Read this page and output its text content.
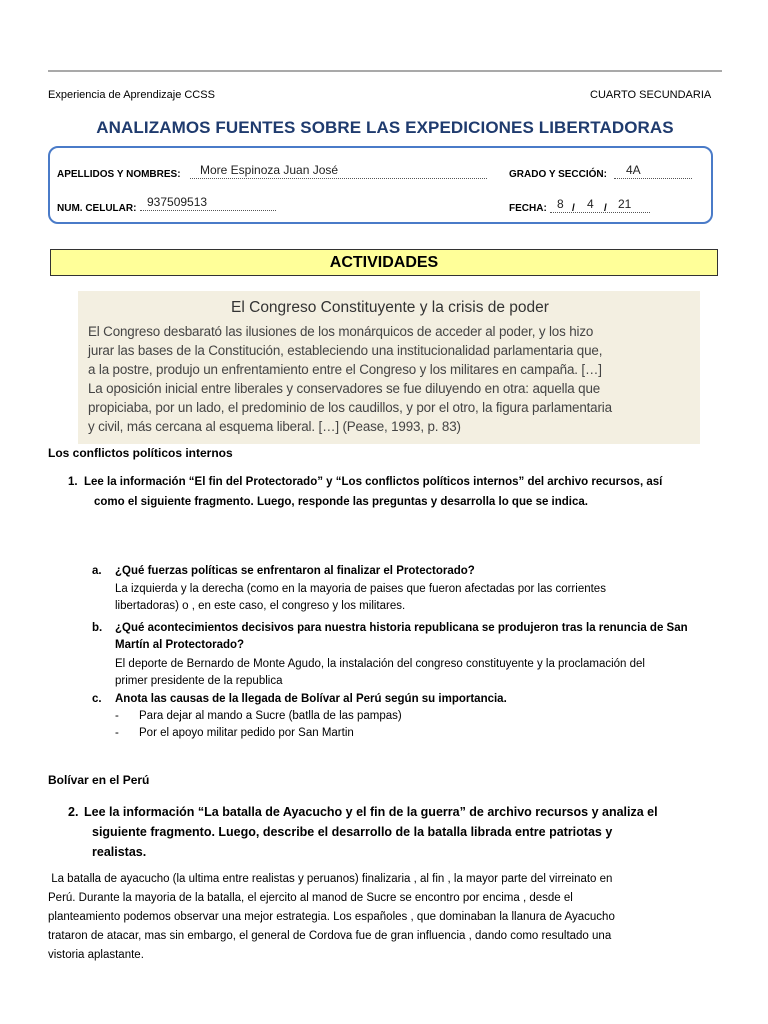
Experiencia de Aprendizaje CCSS	CUARTO SECUNDARIA
ANALIZAMOS FUENTES SOBRE LAS EXPEDICIONES LIBERTADORAS
APELLIDOS Y NOMBRES: More Espinoza Juan José	GRADO Y SECCIÓN: 4A
NUM. CELULAR: 937509513	FECHA: 8 / 4 / 21
ACTIVIDADES
El Congreso Constituyente y la crisis de poder
El Congreso desbarató las ilusiones de los monárquicos de acceder al poder, y los hizo
jurar las bases de la Constitución, estableciendo una institucionalidad parlamentaria que,
a la postre, produjo un enfrentamiento entre el Congreso y los militares en campaña. […]
La oposición inicial entre liberales y conservadores se fue diluyendo en otra: aquella que
propiciaba, por un lado, el predominio de los caudillos, y por el otro, la figura parlamentaria
y civil, más cercana al esquema liberal. […] (Pease, 1993, p. 83)
Los conflictos políticos internos
1. Lee la información “El fin del Protectorado” y “Los conflictos políticos internos” del archivo recursos, así
como el siguiente fragmento. Luego, responde las preguntas y desarrolla lo que se indica.
a. ¿Qué fuerzas políticas se enfrentaron al finalizar el Protectorado?
La izquierda y la derecha (como en la mayoria de paises que fueron afectadas por las corrientes
libertadoras) o , en este caso, el congreso y los militares.
b. ¿Qué acontecimientos decisivos para nuestra historia republicana se produjeron tras la renuncia de San
Martín al Protectorado?
El deporte de Bernardo de Monte Agudo, la instalación del congreso constituyente y la proclamación del
primer presidente de la republica
c. Anota las causas de la llegada de Bolívar al Perú según su importancia.
- Para dejar al mando a Sucre (batlla de las pampas)
- Por el apoyo militar pedido por San Martin
Bolívar en el Perú
2. Lee la información “La batalla de Ayacucho y el fin de la guerra” de archivo recursos y analiza el
siguiente fragmento. Luego, describe el desarrollo de la batalla librada entre patriotas y
realistas.
La batalla de ayacucho (la ultima entre realistas y peruanos) finalizaria , al fin , la mayor parte del virreinato en
Perú. Durante la mayoria de la batalla, el ejercito al manod de Sucre se encontro por encima , desde el
planteamiento podemos observar una mejor estrategia. Los españoles , que dominaban la llanura de Ayacucho
trataron de atacar, mas sin embargo, el general de Cordova fue de gran influencia , dando como resultado una
vistoria aplastante.
